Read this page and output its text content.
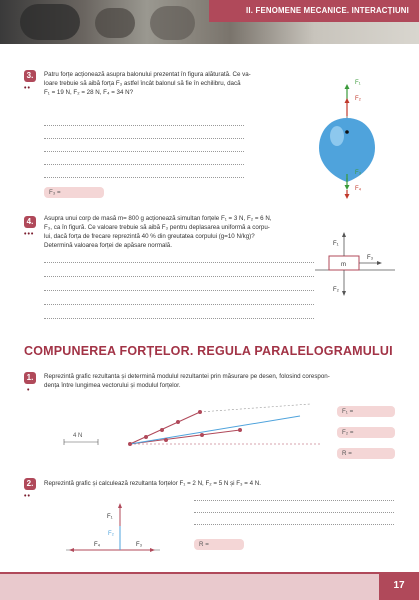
II. FENOMENE MECANICE. INTERACȚIUNI
3.
••
Patru forțe acționează asupra balonului prezentat în figura alăturată. Ce va-
loare trebuie să aibă forța F₃ astfel încât balonul să fie în echilibru, dacă
F₁ = 19 N, F₂ = 28 N, F₄ = 34 N?
F₃ =
F₁
F₂
F₃
F₄
4.
•••
Asupra unui corp de masă m= 800 g acționează simultan forțele F₁ = 3 N, F₂ = 6 N,
F₃, ca în figură. Ce valoare trebuie să aibă F₃ pentru deplasarea uniformă a corpu-
lui, dacă forța de frecare reprezintă 40 % din greutatea corpului (g=10 N/kg)?
Determină valoarea forței de apăsare normală.
m
F₁
F₃
F₂
COMPUNEREA FORȚELOR. REGULA PARALELOGRAMULUI
1.
•
Reprezintă grafic rezultanta și determină modulul rezultantei prin măsurare pe desen, folosind corespon-
dența între lungimea vectorului și modulul forțelor.
4 N
F₁ =
F₂ =
R =
2.
••
Reprezintă grafic și calculează rezultanta forțelor F₁ = 2 N, F₂ = 5 N și F₃ = 4 N.
R =
F₁
F₂
F₃
F₄
17
